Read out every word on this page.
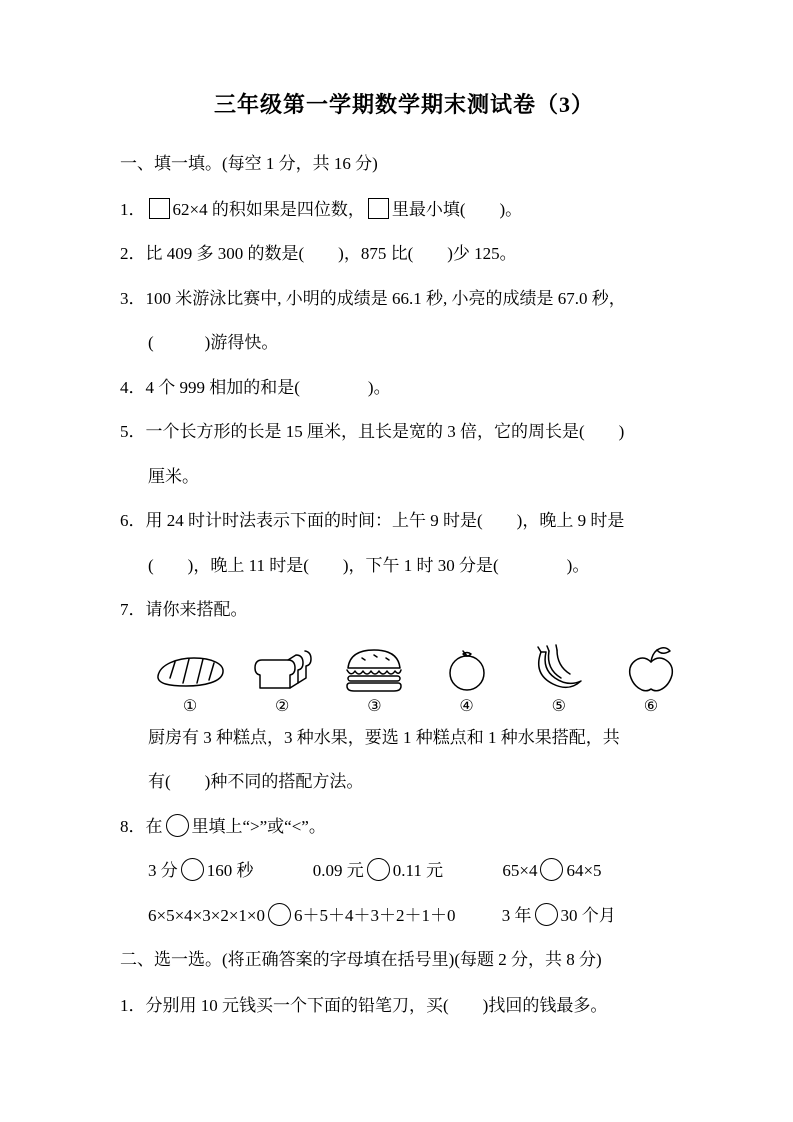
三年级第一学期数学期末测试卷（3）
一、填一填。(每空 1 分，共 16 分)
1． 62×4 的积如果是四位数， 里最小填(　　)。
2．比 409 多 300 的数是(　　)，875 比(　　)少 125。
3．100 米游泳比赛中, 小明的成绩是 66.1 秒, 小亮的成绩是 67.0 秒，
(　　　)游得快。
4．4 个 999 相加的和是(　　　　)。
5．一个长方形的长是 15 厘米，且长是宽的 3 倍，它的周长是(　　)
厘米。
6．用 24 时计时法表示下面的时间：上午 9 时是(　　)，晚上 9 时是
(　　)，晚上 11 时是(　　)，下午 1 时 30 分是(　　　　)。
7．请你来搭配。
①	②	③	④	⑤	⑥
厨房有 3 种糕点，3 种水果，要选 1 种糕点和 1 种水果搭配，共
有(　　)种不同的搭配方法。
8．在 里填上“>”或“<”。
3 分 160 秒	0.09 元 0.11 元	65×4 64×5
6×5×4×3×2×1×0 6＋5＋4＋3＋2＋1＋0	3 年 30 个月
二、选一选。(将正确答案的字母填在括号里)(每题 2 分，共 8 分)
1．分别用 10 元钱买一个下面的铅笔刀，买(　　)找回的钱最多。
